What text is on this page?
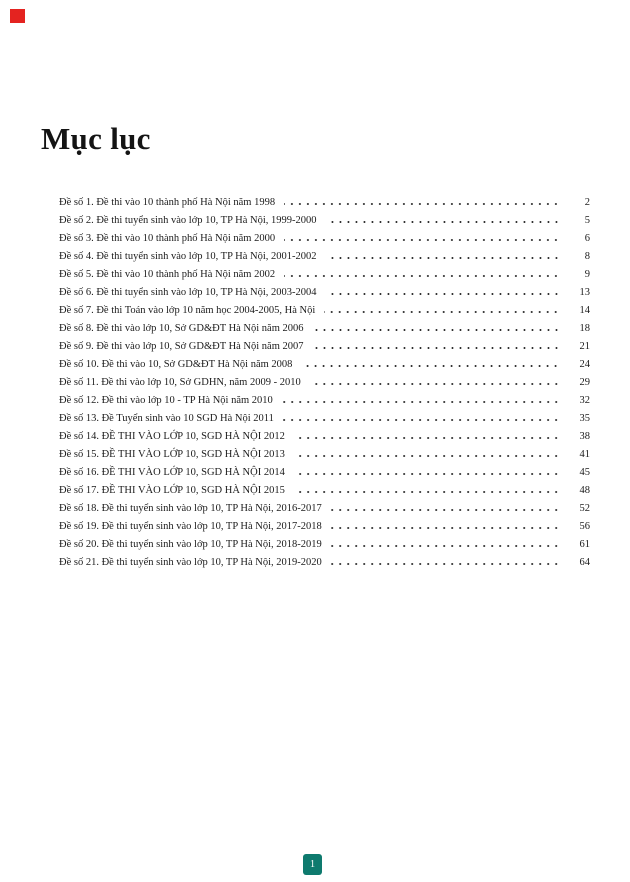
Mục lục
Đề số 1. Đề thi vào 10 thành phố Hà Nội năm 1998	2
Đề số 2. Đề thi tuyển sinh vào lớp 10, TP Hà Nội, 1999-2000	5
Đề số 3. Đề thi vào 10 thành phố Hà Nội năm 2000	6
Đề số 4. Đề thi tuyển sinh vào lớp 10, TP Hà Nội, 2001-2002	8
Đề số 5. Đề thi vào 10 thành phố Hà Nội năm 2002	9
Đề số 6. Đề thi tuyển sinh vào lớp 10, TP Hà Nội, 2003-2004	13
Đề số 7. Đề thi Toán vào lớp 10 năm học 2004-2005, Hà Nội	14
Đề số 8. Đề thi vào lớp 10, Sở GD&ĐT Hà Nội năm 2006	18
Đề số 9. Đề thi vào lớp 10, Sở GD&ĐT Hà Nội năm 2007	21
Đề số 10. Đề thi vào 10, Sở GD&ĐT Hà Nội năm 2008	24
Đề số 11. Đề thi vào lớp 10, Sở GDHN, năm 2009 - 2010	29
Đề số 12. Đề thi vào lớp 10 - TP Hà Nội năm 2010	32
Đề số 13. Đề Tuyển sinh vào 10 SGD Hà Nội 2011	35
Đề số 14. ĐỀ THI VÀO LỚP 10, SGD HÀ NỘI 2012	38
Đề số 15. ĐỀ THI VÀO LỚP 10, SGD HÀ NỘI 2013	41
Đề số 16. ĐỀ THI VÀO LỚP 10, SGD HÀ NỘI 2014	45
Đề số 17. ĐỀ THI VÀO LỚP 10, SGD HÀ NỘI 2015	48
Đề số 18. Đề thi tuyển sinh vào lớp 10, TP Hà Nội, 2016-2017	52
Đề số 19. Đề thi tuyển sinh vào lớp 10, TP Hà Nội, 2017-2018	56
Đề số 20. Đề thi tuyển sinh vào lớp 10, TP Hà Nội, 2018-2019	61
Đề số 21. Đề thi tuyển sinh vào lớp 10, TP Hà Nội, 2019-2020	64
1
